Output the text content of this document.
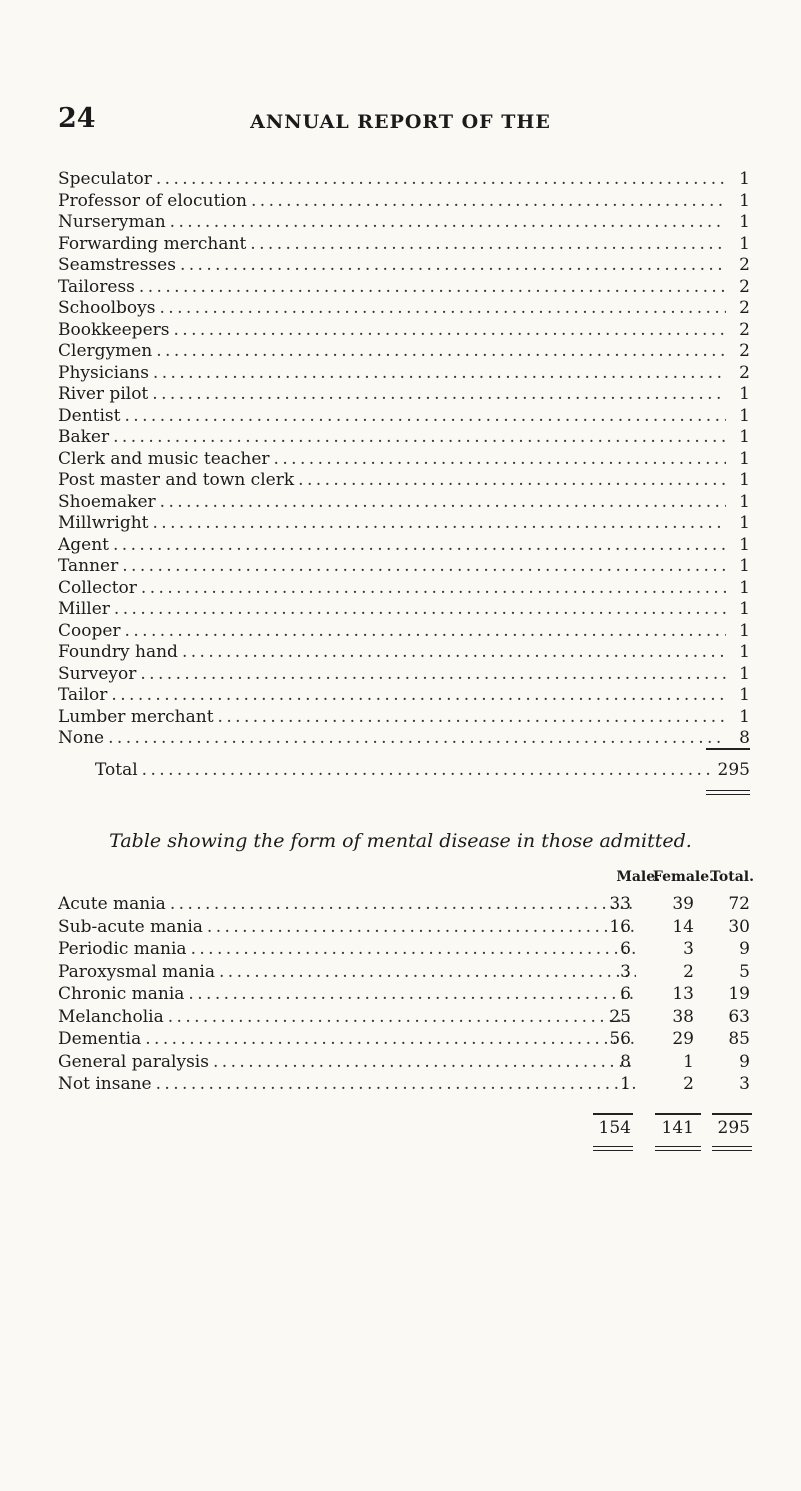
24	ANNUAL REPORT OF THE
Speculator . . .	1
Professor of elocution . . .	1
Nurseryman . . .	1
Forwarding merchant . . .	1
Seamstresses . . .	2
Tailoress . . .	2
Schoolboys . . .	2
Bookkeepers . . .	2
Clergymen . . .	2
Physicians . . .	2
River pilot . . .	1
Dentist . . .	1
Baker . . .	1
Clerk and music teacher . . .	1
Post master and town clerk . . .	1
Shoemaker . . .	1
Millwright . . .	1
Agent . . .	1
Tanner . . .	1
Collector . . .	1
Miller . . .	1
Cooper . . .	1
Foundry hand . . .	1
Surveyor . . .	1
Tailor . . .	1
Lumber merchant . . .	1
None . . .	8
Total . . .	295
Table showing the form of mental disease in those admitted.
Male.
Female.
Total.
Acute mania . . .	33	39	72
Sub-acute mania . . .	16	14	30
Periodic mania . . .	6	3	9
Paroxysmal mania . . .	3	2	5
Chronic mania . . .	6	13	19
Melancholia . . .	25	38	63
Dementia . . .	56	29	85
General paralysis . . .	8	1	9
Not insane . . .	1	2	3
154	141	295
